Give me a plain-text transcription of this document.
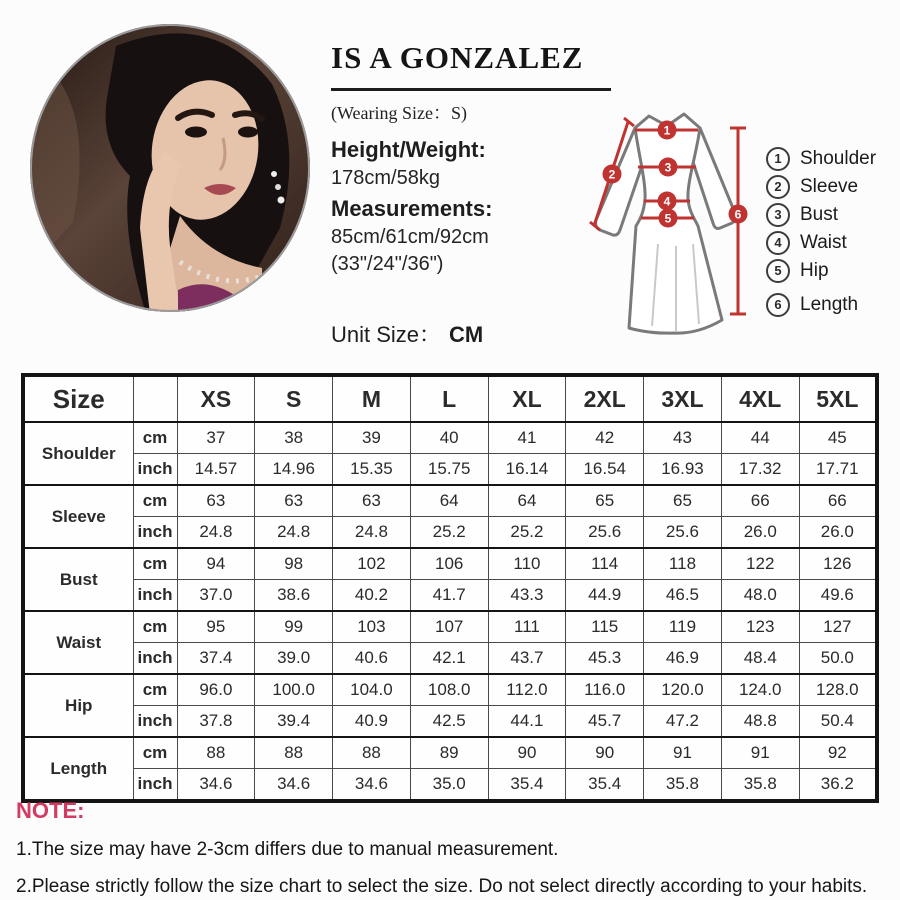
IS A GONZALEZ
(Wearing Size：S)
Height/Weight:
178cm/58kg
Measurements:
85cm/61cm/92cm
(33"/24"/36")
Unit Size： CM
1
2	3
4
5	6
1 Shoulder
2 Sleeve
3 Bust
4 Waist
5 Hip
6 Length
Size		XS	S	M	L	XL	2XL	3XL	4XL	5XL
Shoulder	cm	37	38	39	40	41	42	43	44	45
	inch	14.57	14.96	15.35	15.75	16.14	16.54	16.93	17.32	17.71
Sleeve	cm	63	63	63	64	64	65	65	66	66
	inch	24.8	24.8	24.8	25.2	25.2	25.6	25.6	26.0	26.0
Bust	cm	94	98	102	106	110	114	118	122	126
	inch	37.0	38.6	40.2	41.7	43.3	44.9	46.5	48.0	49.6
Waist	cm	95	99	103	107	111	115	119	123	127
	inch	37.4	39.0	40.6	42.1	43.7	45.3	46.9	48.4	50.0
Hip	cm	96.0	100.0	104.0	108.0	112.0	116.0	120.0	124.0	128.0
	inch	37.8	39.4	40.9	42.5	44.1	45.7	47.2	48.8	50.4
Length	cm	88	88	88	89	90	90	91	91	92
	inch	34.6	34.6	34.6	35.0	35.4	35.4	35.8	35.8	36.2
NOTE:
1.The size may have 2-3cm differs due to manual measurement.
2.Please strictly follow the size chart to select the size. Do not select directly according to your habits.
